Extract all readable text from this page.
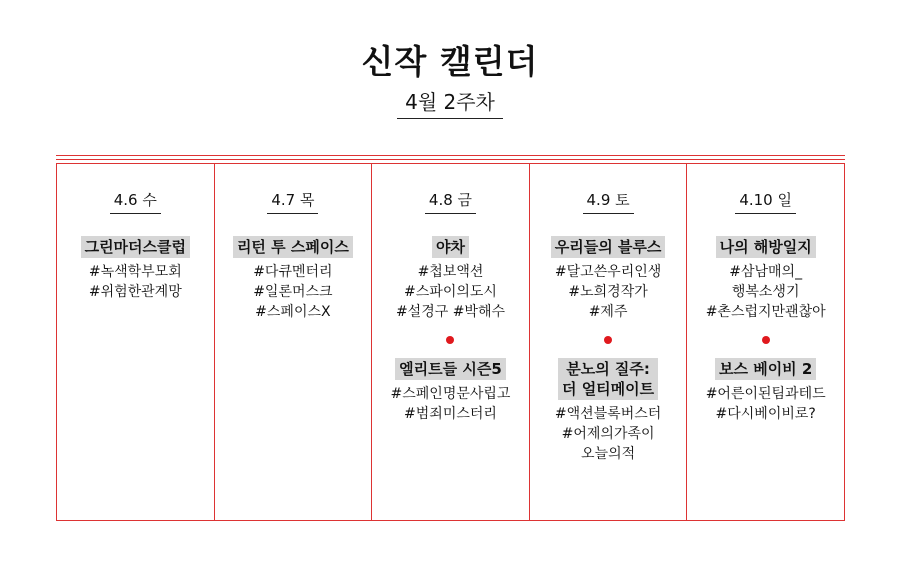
신작 캘린더
4월 2주차
4.6 수
그린마더스클럽
#녹색학부모회
#위험한관계망
4.7 목
리턴 투 스페이스
#다큐멘터리
#일론머스크
#스페이스X
4.8 금
야차
#첩보액션
#스파이의도시
#설경구 #박해수
엘리트들 시즌5
#스페인명문사립고
#범죄미스터리
4.9 토
우리들의 블루스
#달고쓴우리인생
#노희경작가
#제주
분노의 질주:
더 얼티메이트
#액션블록버스터
#어제의가족이
오늘의적
4.10 일
나의 해방일지
#삼남매의_
행복소생기
#촌스럽지만괜찮아
보스 베이비 2
#어른이된팀과테드
#다시베이비로?
